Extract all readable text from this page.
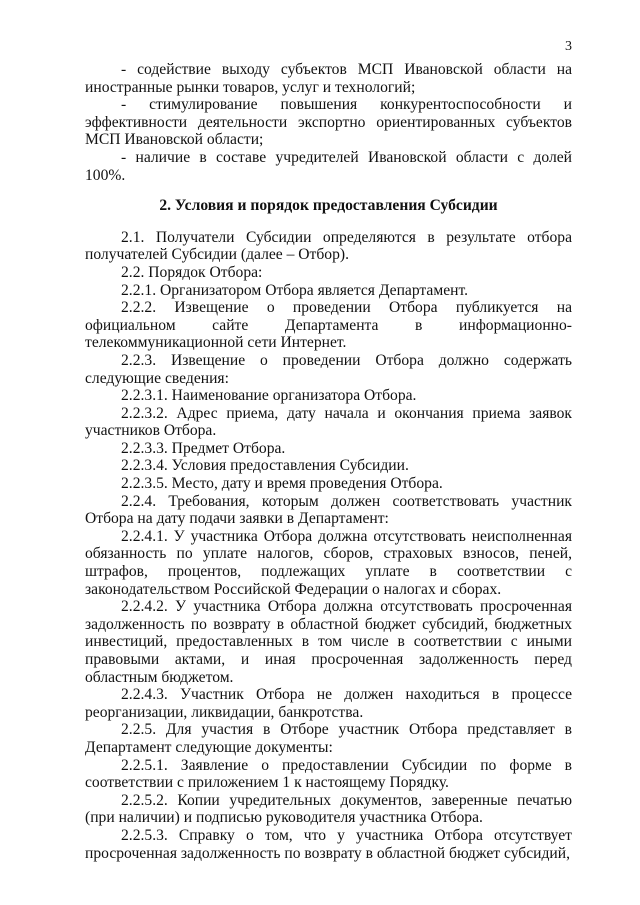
3

- содействие выходу субъектов МСП Ивановской области на иностранные рынки товаров, услуг и технологий;

- стимулирование повышения конкурентоспособности и эффективности деятельности экспортно ориентированных субъектов МСП Ивановской области;

- наличие в составе учредителей Ивановской области с долей 100%.

2. Условия и порядок предоставления Субсидии

2.1. Получатели Субсидии определяются в результате отбора получателей Субсидии (далее – Отбор).

2.2. Порядок Отбора:

2.2.1. Организатором Отбора является Департамент.

2.2.2. Извещение о проведении Отбора публикуется на официальном сайте Департамента в информационно-телекоммуникационной сети Интернет.

2.2.3. Извещение о проведении Отбора должно содержать следующие сведения:

2.2.3.1. Наименование организатора Отбора.

2.2.3.2. Адрес приема, дату начала и окончания приема заявок участников Отбора.

2.2.3.3. Предмет Отбора.

2.2.3.4. Условия предоставления Субсидии.

2.2.3.5. Место, дату и время проведения Отбора.

2.2.4. Требования, которым должен соответствовать участник Отбора на дату подачи заявки в Департамент:

2.2.4.1. У участника Отбора должна отсутствовать неисполненная обязанность по уплате налогов, сборов, страховых взносов, пеней, штрафов, процентов, подлежащих уплате в соответствии с законодательством Российской Федерации о налогах и сборах.

2.2.4.2. У участника Отбора должна отсутствовать просроченная задолженность по возврату в областной бюджет субсидий, бюджетных инвестиций, предоставленных в том числе в соответствии с иными правовыми актами, и иная просроченная задолженность перед областным бюджетом.

2.2.4.3. Участник Отбора не должен находиться в процессе реорганизации, ликвидации, банкротства.

2.2.5. Для участия в Отборе участник Отбора представляет в Департамент следующие документы:

2.2.5.1. Заявление о предоставлении Субсидии по форме в соответствии с приложением 1 к настоящему Порядку.

2.2.5.2. Копии учредительных документов, заверенные печатью (при наличии) и подписью руководителя участника Отбора.

2.2.5.3. Справку о том, что у участника Отбора отсутствует просроченная задолженность по возврату в областной бюджет субсидий,
